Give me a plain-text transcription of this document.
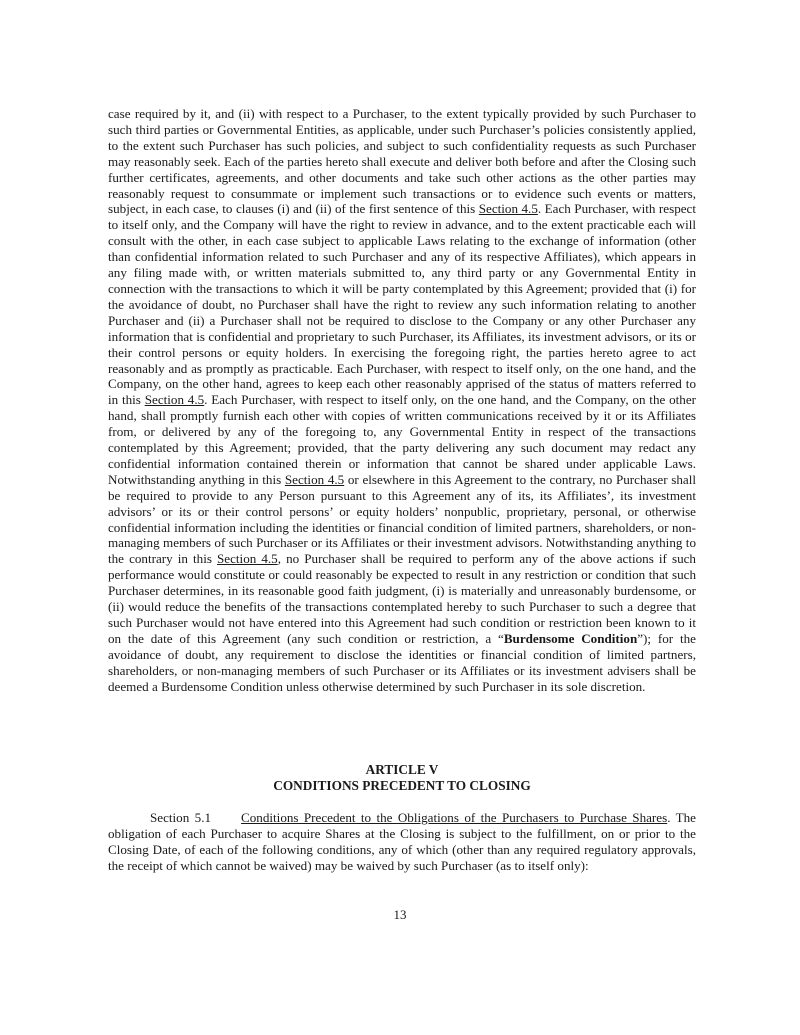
case required by it, and (ii) with respect to a Purchaser, to the extent typically provided by such Purchaser to such third parties or Governmental Entities, as applicable, under such Purchaser’s policies consistently applied, to the extent such Purchaser has such policies, and subject to such confidentiality requests as such Purchaser may reasonably seek. Each of the parties hereto shall execute and deliver both before and after the Closing such further certificates, agreements, and other documents and take such other actions as the other parties may reasonably request to consummate or implement such transactions or to evidence such events or matters, subject, in each case, to clauses (i) and (ii) of the first sentence of this Section 4.5. Each Purchaser, with respect to itself only, and the Company will have the right to review in advance, and to the extent practicable each will consult with the other, in each case subject to applicable Laws relating to the exchange of information (other than confidential information related to such Purchaser and any of its respective Affiliates), which appears in any filing made with, or written materials submitted to, any third party or any Governmental Entity in connection with the transactions to which it will be party contemplated by this Agreement; provided that (i) for the avoidance of doubt, no Purchaser shall have the right to review any such information relating to another Purchaser and (ii) a Purchaser shall not be required to disclose to the Company or any other Purchaser any information that is confidential and proprietary to such Purchaser, its Affiliates, its investment advisors, or its or their control persons or equity holders. In exercising the foregoing right, the parties hereto agree to act reasonably and as promptly as practicable. Each Purchaser, with respect to itself only, on the one hand, and the Company, on the other hand, agrees to keep each other reasonably apprised of the status of matters referred to in this Section 4.5. Each Purchaser, with respect to itself only, on the one hand, and the Company, on the other hand, shall promptly furnish each other with copies of written communications received by it or its Affiliates from, or delivered by any of the foregoing to, any Governmental Entity in respect of the transactions contemplated by this Agreement; provided, that the party delivering any such document may redact any confidential information contained therein or information that cannot be shared under applicable Laws. Notwithstanding anything in this Section 4.5 or elsewhere in this Agreement to the contrary, no Purchaser shall be required to provide to any Person pursuant to this Agreement any of its, its Affiliates’, its investment advisors’ or its or their control persons’ or equity holders’ nonpublic, proprietary, personal, or otherwise confidential information including the identities or financial condition of limited partners, shareholders, or non-managing members of such Purchaser or its Affiliates or their investment advisors. Notwithstanding anything to the contrary in this Section 4.5, no Purchaser shall be required to perform any of the above actions if such performance would constitute or could reasonably be expected to result in any restriction or condition that such Purchaser determines, in its reasonable good faith judgment, (i) is materially and unreasonably burdensome, or (ii) would reduce the benefits of the transactions contemplated hereby to such Purchaser to such a degree that such Purchaser would not have entered into this Agreement had such condition or restriction been known to it on the date of this Agreement (any such condition or restriction, a “Burdensome Condition”); for the avoidance of doubt, any requirement to disclose the identities or financial condition of limited partners, shareholders, or non-managing members of such Purchaser or its Affiliates or its investment advisers shall be deemed a Burdensome Condition unless otherwise determined by such Purchaser in its sole discretion.

ARTICLE V

CONDITIONS PRECEDENT TO CLOSING

Section 5.1 Conditions Precedent to the Obligations of the Purchasers to Purchase Shares. The obligation of each Purchaser to acquire Shares at the Closing is subject to the fulfillment, on or prior to the Closing Date, of each of the following conditions, any of which (other than any required regulatory approvals, the receipt of which cannot be waived) may be waived by such Purchaser (as to itself only):

13
